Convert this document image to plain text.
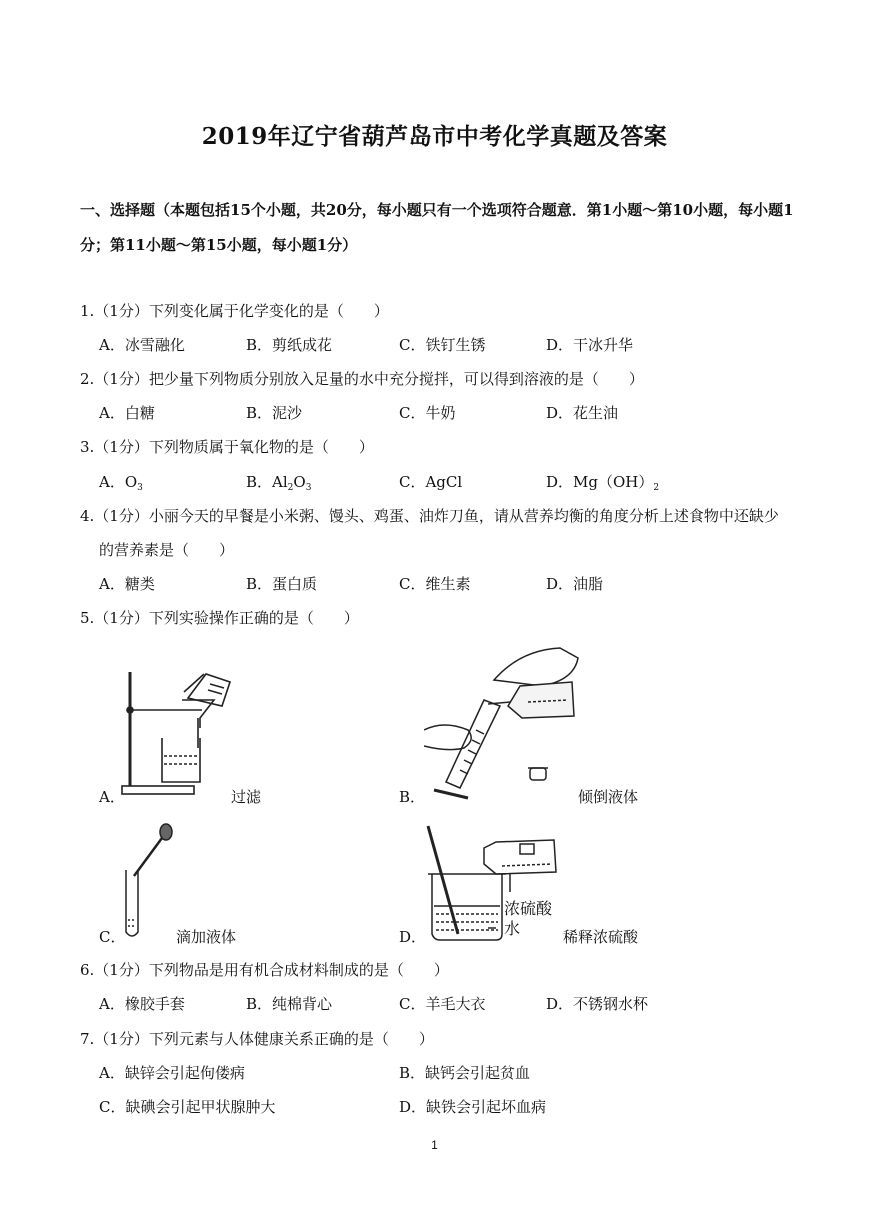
2019年辽宁省葫芦岛市中考化学真题及答案
一、选择题（本题包括15个小题，共20分，每小题只有一个选项符合题意．第1小题～第10小题，每小题1分；第11小题～第15小题，每小题1分）
1.（1分）下列变化属于化学变化的是（　　）
A．冰雪融化	B．剪纸成花	C．铁钉生锈	D．干冰升华
2.（1分）把少量下列物质分别放入足量的水中充分搅拌，可以得到溶液的是（　　）
A．白糖	B．泥沙	C．牛奶	D．花生油
3.（1分）下列物质属于氧化物的是（　　）
A．$O_3$	B．$Al_2O_3$	C．AgCl	D．$Mg(OH)_2$
4.（1分）小丽今天的早餐是小米粥、馒头、鸡蛋、油炸刀鱼，请从营养均衡的角度分析上述食物中还缺少
的营养素是（　　）
A．糖类	B．蛋白质	C．维生素	D．油脂
5.（1分）下列实验操作正确的是（　　）
A．	过滤	B．	倾倒液体
C．	滴加液体
浓硫酸
水
D．	稀释浓硫酸
6.（1分）下列物品是用有机合成材料制成的是（　　）
A．橡胶手套	B．纯棉背心	C．羊毛大衣	D．不锈钢水杯
7.（1分）下列元素与人体健康关系正确的是（　　）
A．缺锌会引起佝偻病	B．缺钙会引起贫血
C．缺碘会引起甲状腺肿大	D．缺铁会引起坏血病
1
